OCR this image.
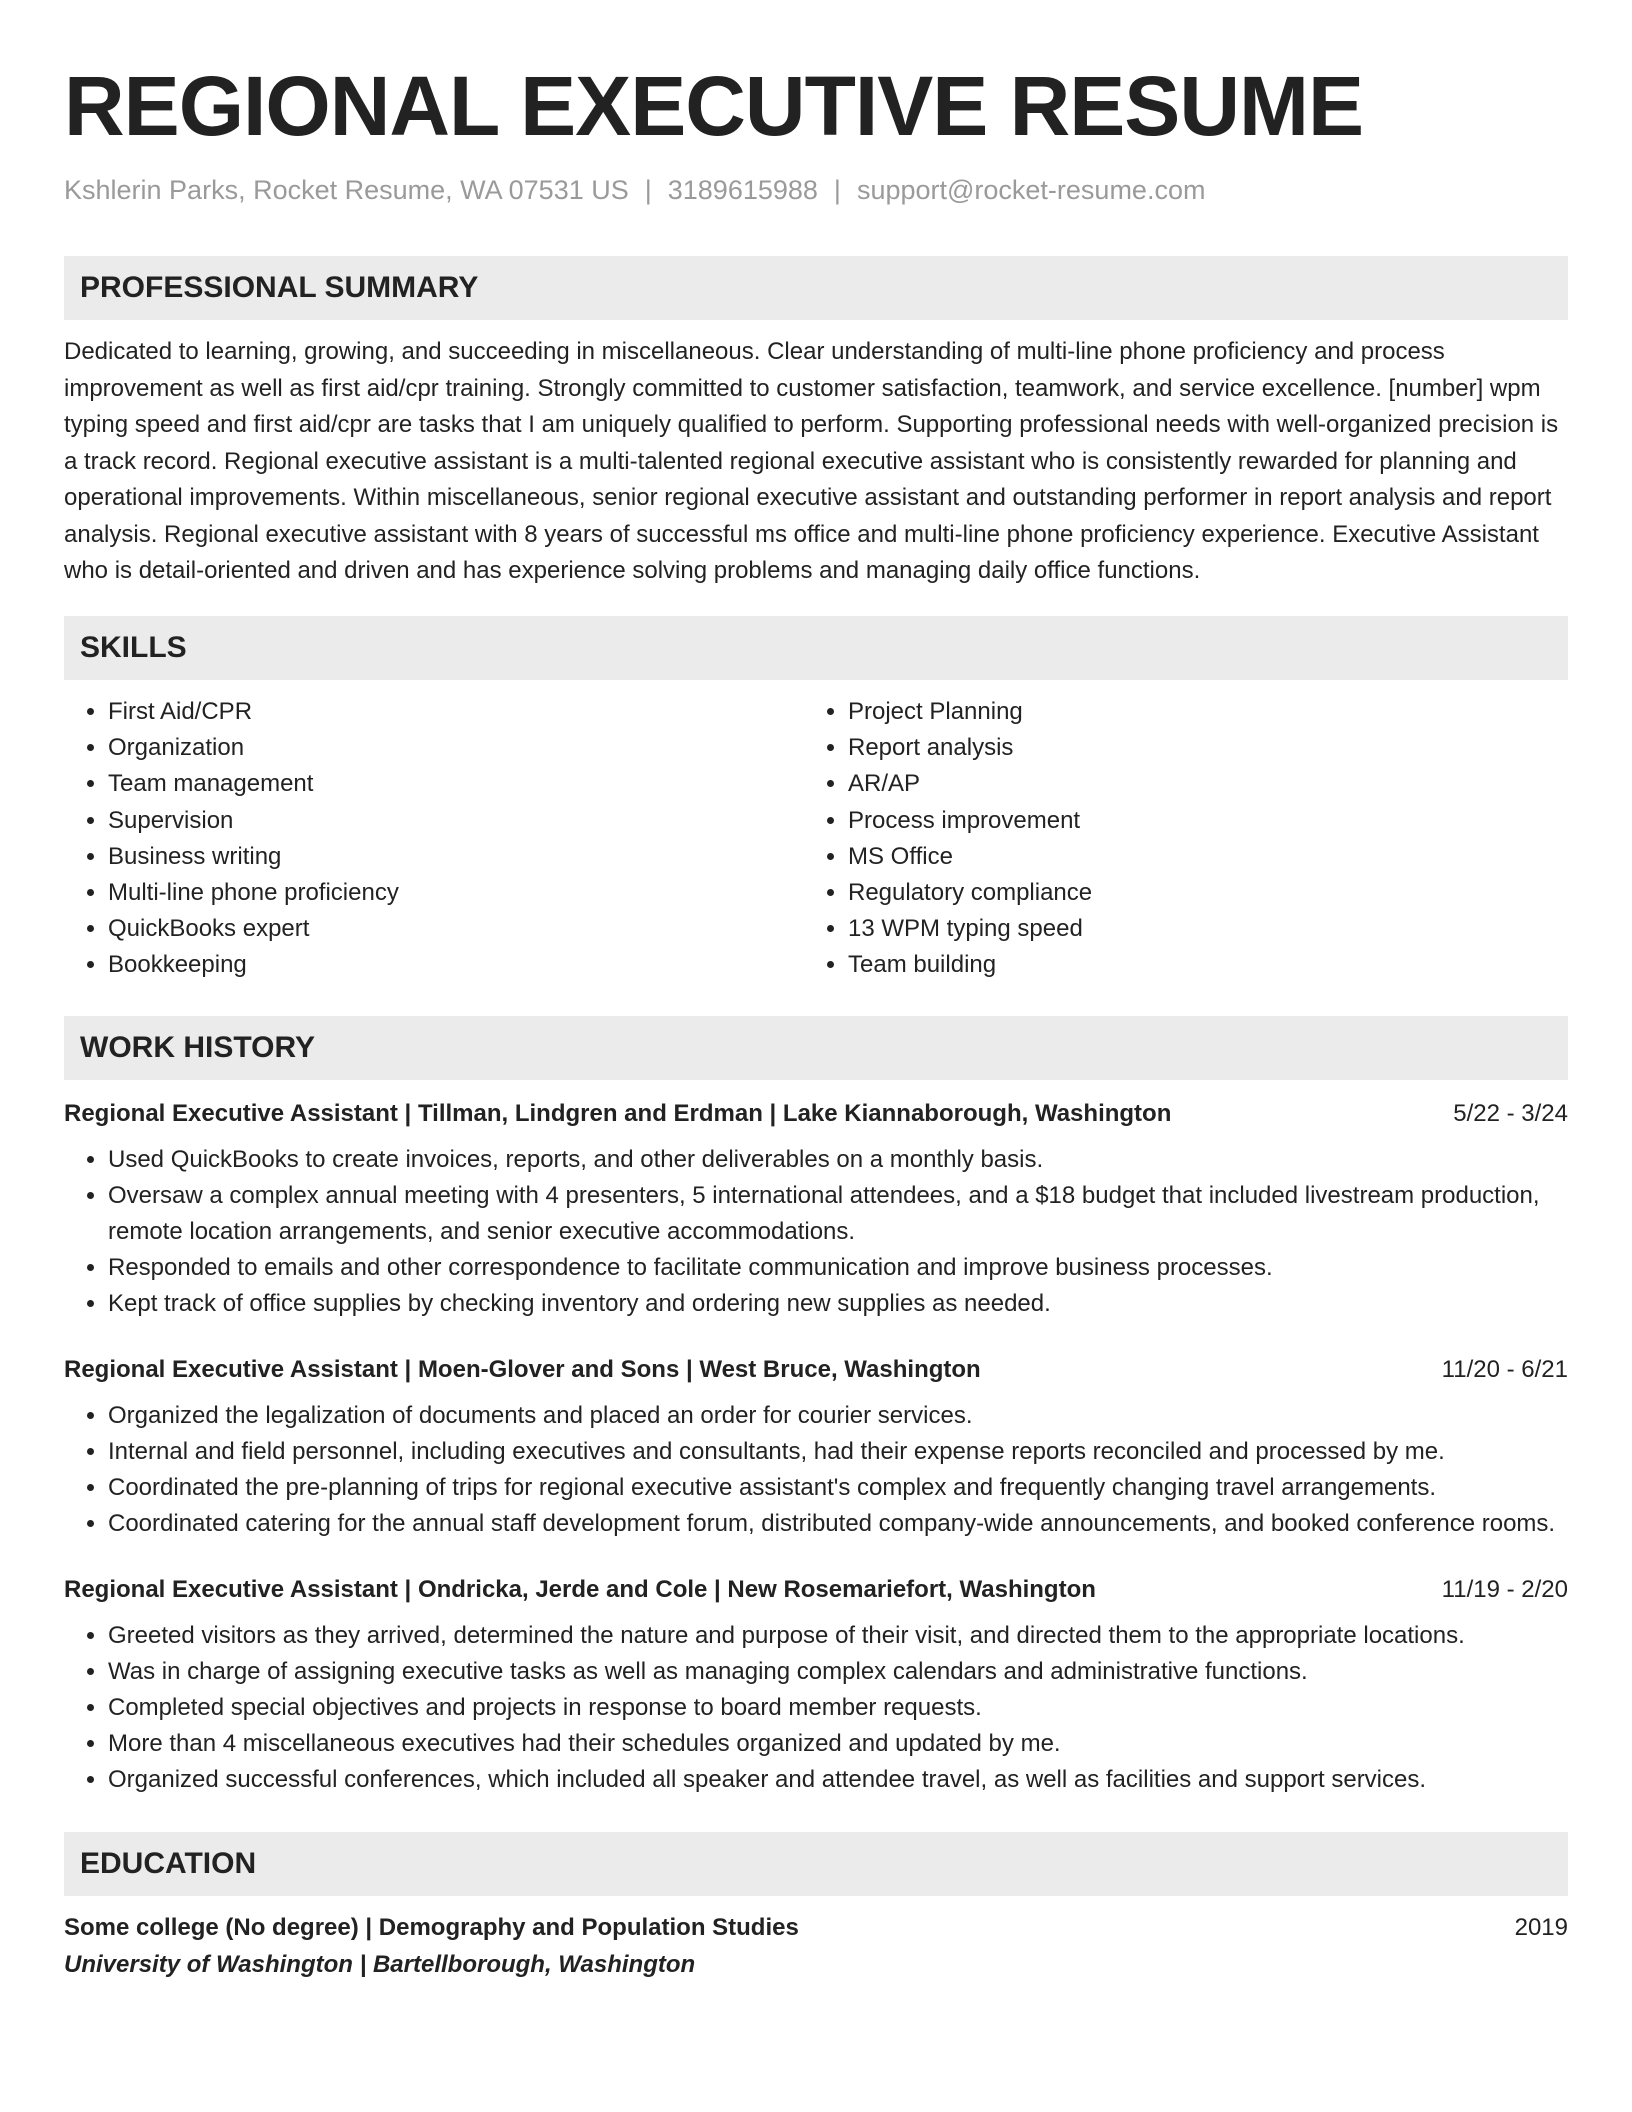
REGIONAL EXECUTIVE RESUME
Kshlerin Parks, Rocket Resume, WA 07531 US | 3189615988 | support@rocket-resume.com
PROFESSIONAL SUMMARY
Dedicated to learning, growing, and succeeding in miscellaneous. Clear understanding of multi-line phone proficiency and process improvement as well as first aid/cpr training. Strongly committed to customer satisfaction, teamwork, and service excellence. [number] wpm typing speed and first aid/cpr are tasks that I am uniquely qualified to perform. Supporting professional needs with well-organized precision is a track record. Regional executive assistant is a multi-talented regional executive assistant who is consistently rewarded for planning and operational improvements. Within miscellaneous, senior regional executive assistant and outstanding performer in report analysis and report analysis. Regional executive assistant with 8 years of successful ms office and multi-line phone proficiency experience. Executive Assistant who is detail-oriented and driven and has experience solving problems and managing daily office functions.
SKILLS
• First Aid/CPR
• Organization
• Team management
• Supervision
• Business writing
• Multi-line phone proficiency
• QuickBooks expert
• Bookkeeping
• Project Planning
• Report analysis
• AR/AP
• Process improvement
• MS Office
• Regulatory compliance
• 13 WPM typing speed
• Team building
WORK HISTORY
Regional Executive Assistant | Tillman, Lindgren and Erdman | Lake Kiannaborough, Washington	5/22 - 3/24
• Used QuickBooks to create invoices, reports, and other deliverables on a monthly basis.
• Oversaw a complex annual meeting with 4 presenters, 5 international attendees, and a $18 budget that included livestream production, remote location arrangements, and senior executive accommodations.
• Responded to emails and other correspondence to facilitate communication and improve business processes.
• Kept track of office supplies by checking inventory and ordering new supplies as needed.
Regional Executive Assistant | Moen-Glover and Sons | West Bruce, Washington	11/20 - 6/21
• Organized the legalization of documents and placed an order for courier services.
• Internal and field personnel, including executives and consultants, had their expense reports reconciled and processed by me.
• Coordinated the pre-planning of trips for regional executive assistant's complex and frequently changing travel arrangements.
• Coordinated catering for the annual staff development forum, distributed company-wide announcements, and booked conference rooms.
Regional Executive Assistant | Ondricka, Jerde and Cole | New Rosemariefort, Washington	11/19 - 2/20
• Greeted visitors as they arrived, determined the nature and purpose of their visit, and directed them to the appropriate locations.
• Was in charge of assigning executive tasks as well as managing complex calendars and administrative functions.
• Completed special objectives and projects in response to board member requests.
• More than 4 miscellaneous executives had their schedules organized and updated by me.
• Organized successful conferences, which included all speaker and attendee travel, as well as facilities and support services.
EDUCATION
Some college (No degree) | Demography and Population Studies	2019
University of Washington | Bartellborough, Washington
